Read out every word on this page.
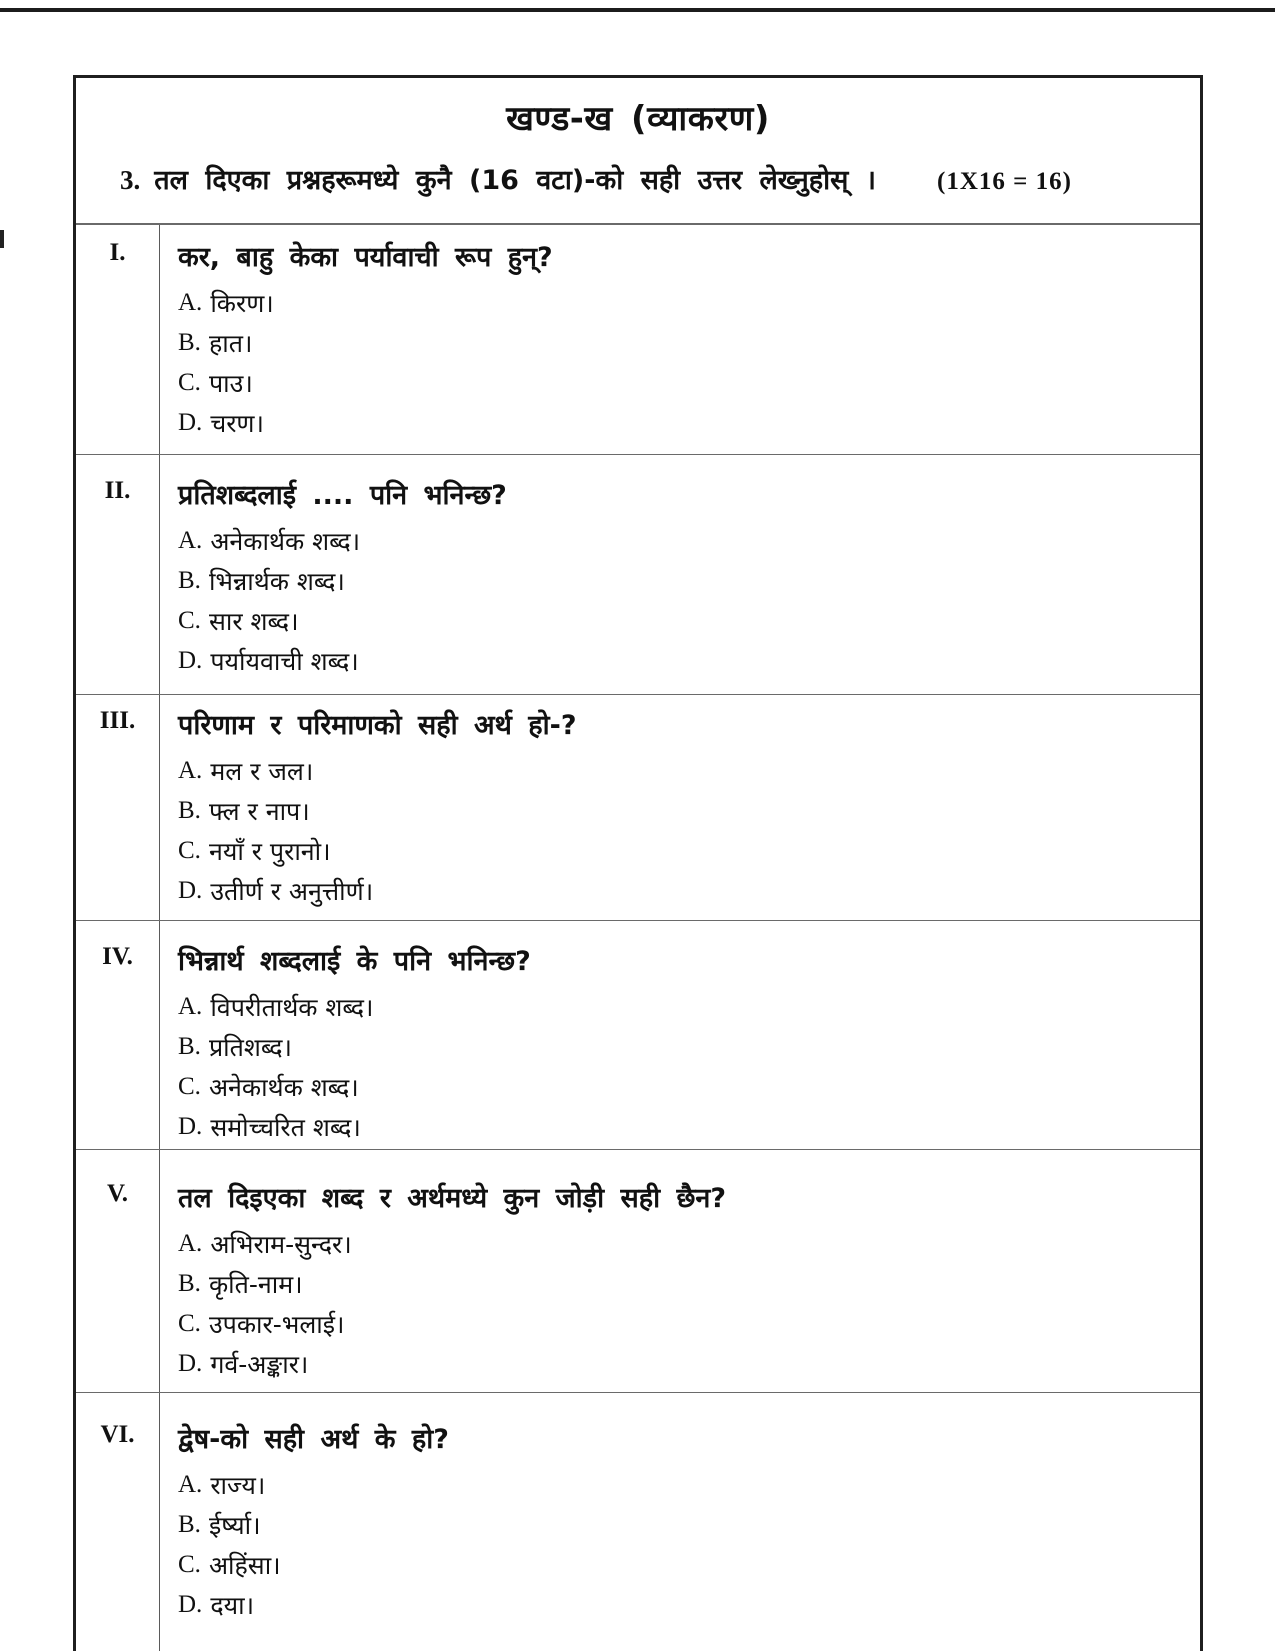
खण्ड-ख (व्याकरण)
3. तल दिएका प्रश्नहरूमध्ये कुनै (16 वटा)-को सही उत्तर लेख्नुहोस् । (1X16 = 16)
I.	कर, बाहु केका पर्यावाची रूप हुन्?
A. किरण।
B. हात।
C. पाउ।
D. चरण।
II.	प्रतिशब्दलाई .... पनि भनिन्छ?
A. अनेकार्थक शब्द।
B. भिन्नार्थक शब्द।
C. सार शब्द।
D. पर्यायवाची शब्द।
III.	परिणाम र परिमाणको सही अर्थ हो-?
A. मल र जल।
B. फ्ल र नाप।
C. नयाँ र पुरानो।
D. उतीर्ण र अनुत्तीर्ण।
IV.	भिन्नार्थ शब्दलाई के पनि भनिन्छ?
A. विपरीतार्थक शब्द।
B. प्रतिशब्द।
C. अनेकार्थक शब्द।
D. समोच्चरित शब्द।
V.	तल दिइएका शब्द र अर्थमध्ये कुन जोड़ी सही छैन?
A. अभिराम-सुन्दर।
B. कृति-नाम।
C. उपकार-भलाई।
D. गर्व-अङ्कार।
VI.	द्वेष-को सही अर्थ के हो?
A. राज्य।
B. ईर्ष्या।
C. अहिंसा।
D. दया।
